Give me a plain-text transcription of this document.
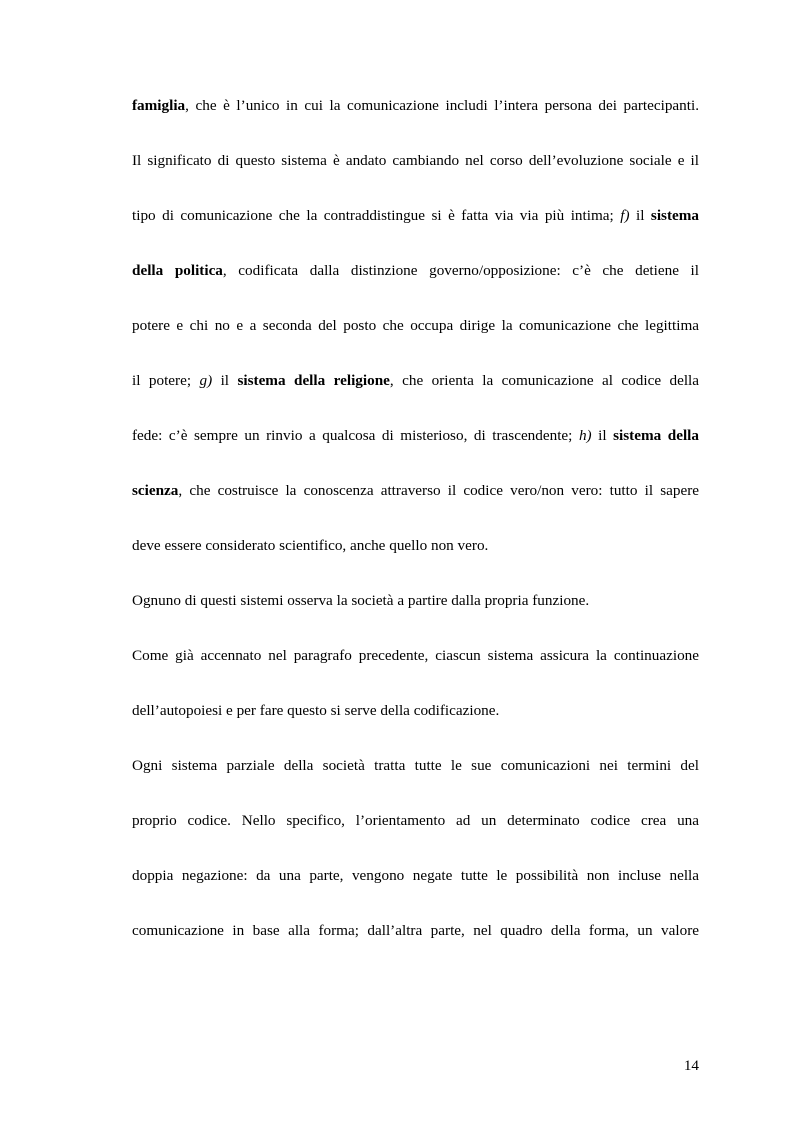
famiglia, che è l’unico in cui la comunicazione includi l’intera persona dei partecipanti.
Il significato di questo sistema è andato cambiando nel corso dell’evoluzione sociale e il
tipo di comunicazione che la contraddistingue si è fatta via via più intima; f) il sistema
della politica, codificata dalla distinzione governo/opposizione: c’è che detiene il
potere e chi no e a seconda del posto che occupa dirige la comunicazione che legittima
il potere; g) il sistema della religione, che orienta la comunicazione al codice della
fede: c’è sempre un rinvio a qualcosa di misterioso, di trascendente; h) il sistema della
scienza, che costruisce la conoscenza attraverso il codice vero/non vero: tutto il sapere
deve essere considerato scientifico, anche quello non vero.
Ognuno di questi sistemi osserva la società a partire dalla propria funzione.
Come già accennato nel paragrafo precedente, ciascun sistema assicura la continuazione
dell’autopoiesi e per fare questo si serve della codificazione.
Ogni sistema parziale della società tratta tutte le sue comunicazioni nei termini del
proprio codice. Nello specifico, l’orientamento ad un determinato codice crea una
doppia negazione: da una parte, vengono negate tutte le possibilità non incluse nella
comunicazione in base alla forma; dall’altra parte, nel quadro della forma, un valore
14
